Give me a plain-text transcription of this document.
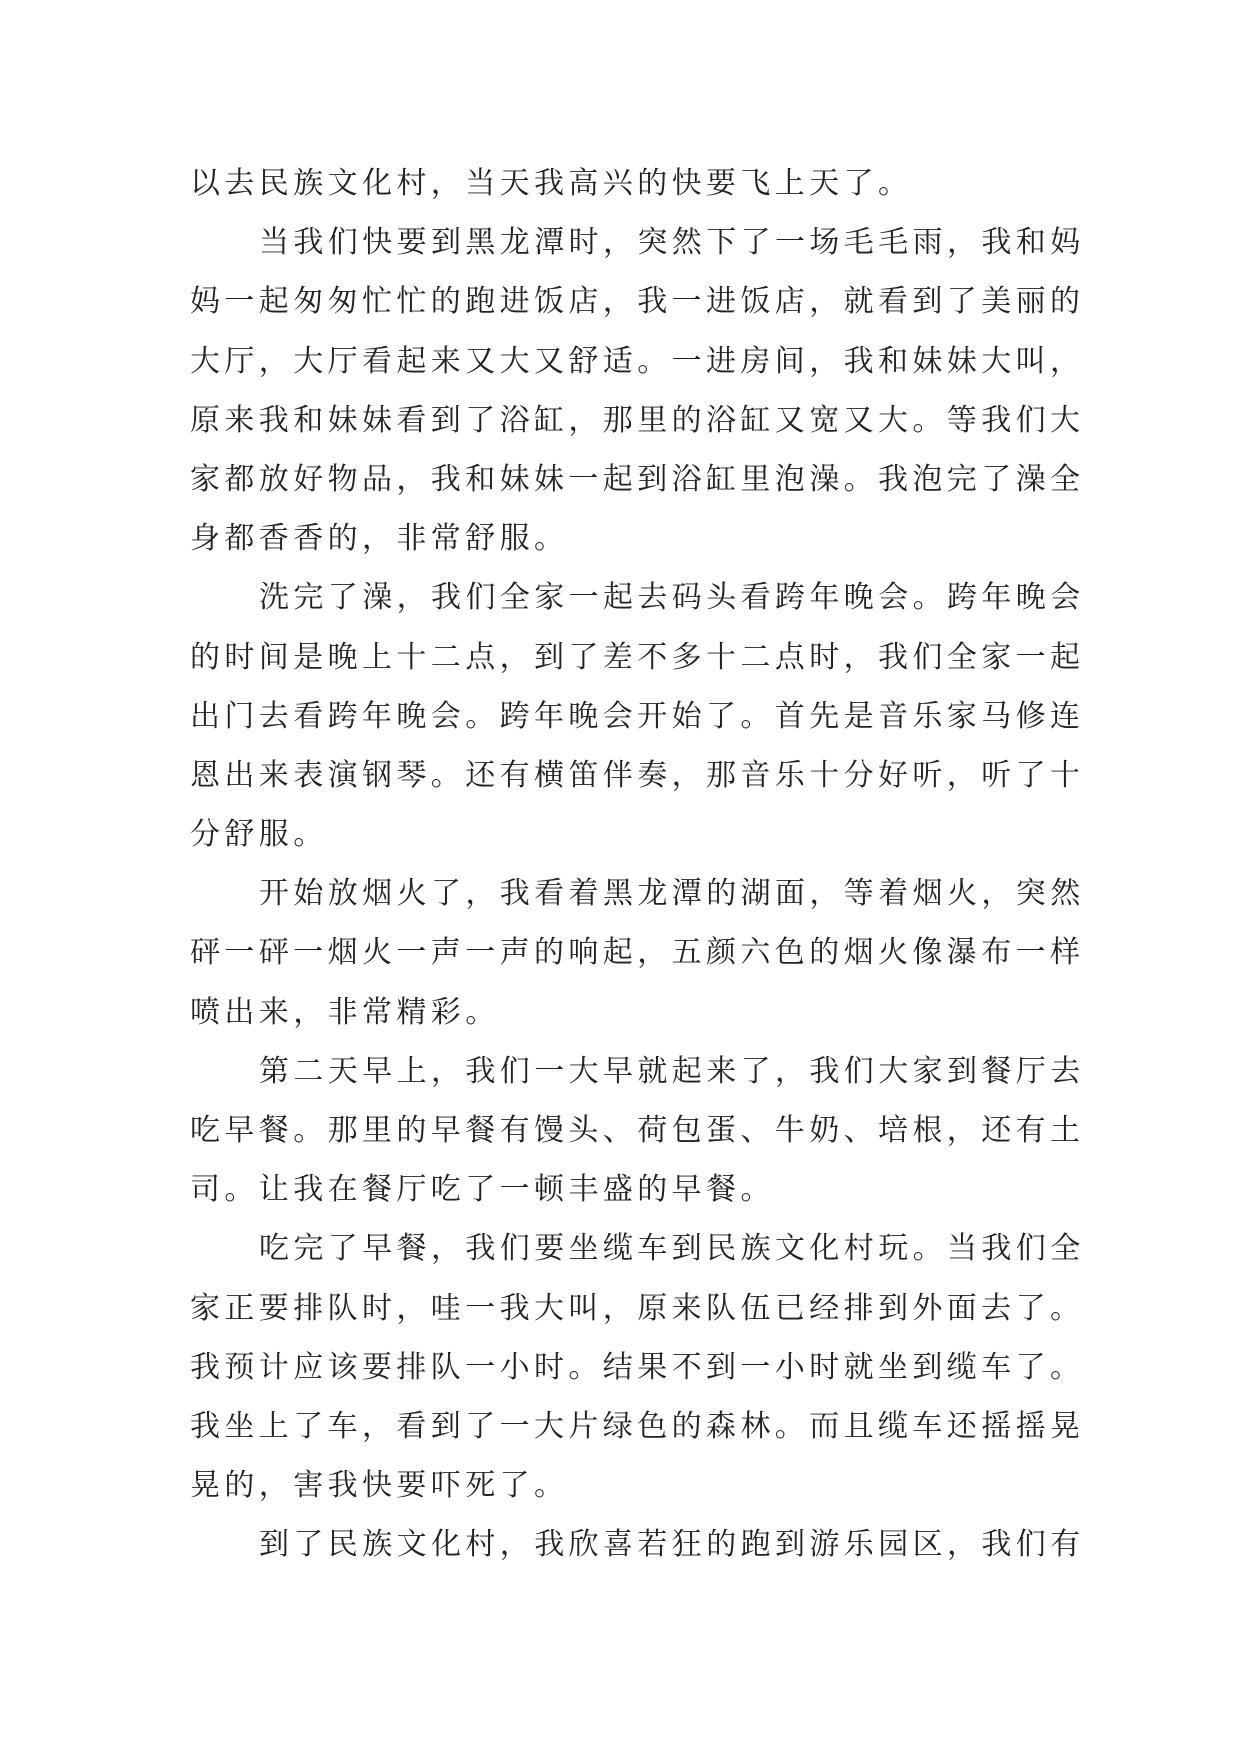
以去民族文化村，当天我高兴的快要飞上天了。
当我们快要到黑龙潭时，突然下了一场毛毛雨，我和妈
妈一起匆匆忙忙的跑进饭店，我一进饭店，就看到了美丽的
大厅，大厅看起来又大又舒适。一进房间，我和妹妹大叫，
原来我和妹妹看到了浴缸，那里的浴缸又宽又大。等我们大
家都放好物品，我和妹妹一起到浴缸里泡澡。我泡完了澡全
身都香香的，非常舒服。
洗完了澡，我们全家一起去码头看跨年晚会。跨年晚会
的时间是晚上十二点，到了差不多十二点时，我们全家一起
出门去看跨年晚会。跨年晚会开始了。首先是音乐家马修连
恩出来表演钢琴。还有横笛伴奏，那音乐十分好听，听了十
分舒服。
开始放烟火了，我看着黑龙潭的湖面，等着烟火，突然
砰一砰一烟火一声一声的响起，五颜六色的烟火像瀑布一样
喷出来，非常精彩。
第二天早上，我们一大早就起来了，我们大家到餐厅去
吃早餐。那里的早餐有馒头、荷包蛋、牛奶、培根，还有土
司。让我在餐厅吃了一顿丰盛的早餐。
吃完了早餐，我们要坐缆车到民族文化村玩。当我们全
家正要排队时，哇一我大叫，原来队伍已经排到外面去了。
我预计应该要排队一小时。结果不到一小时就坐到缆车了。
我坐上了车，看到了一大片绿色的森林。而且缆车还摇摇晃
晃的，害我快要吓死了。
到了民族文化村，我欣喜若狂的跑到游乐园区，我们有
